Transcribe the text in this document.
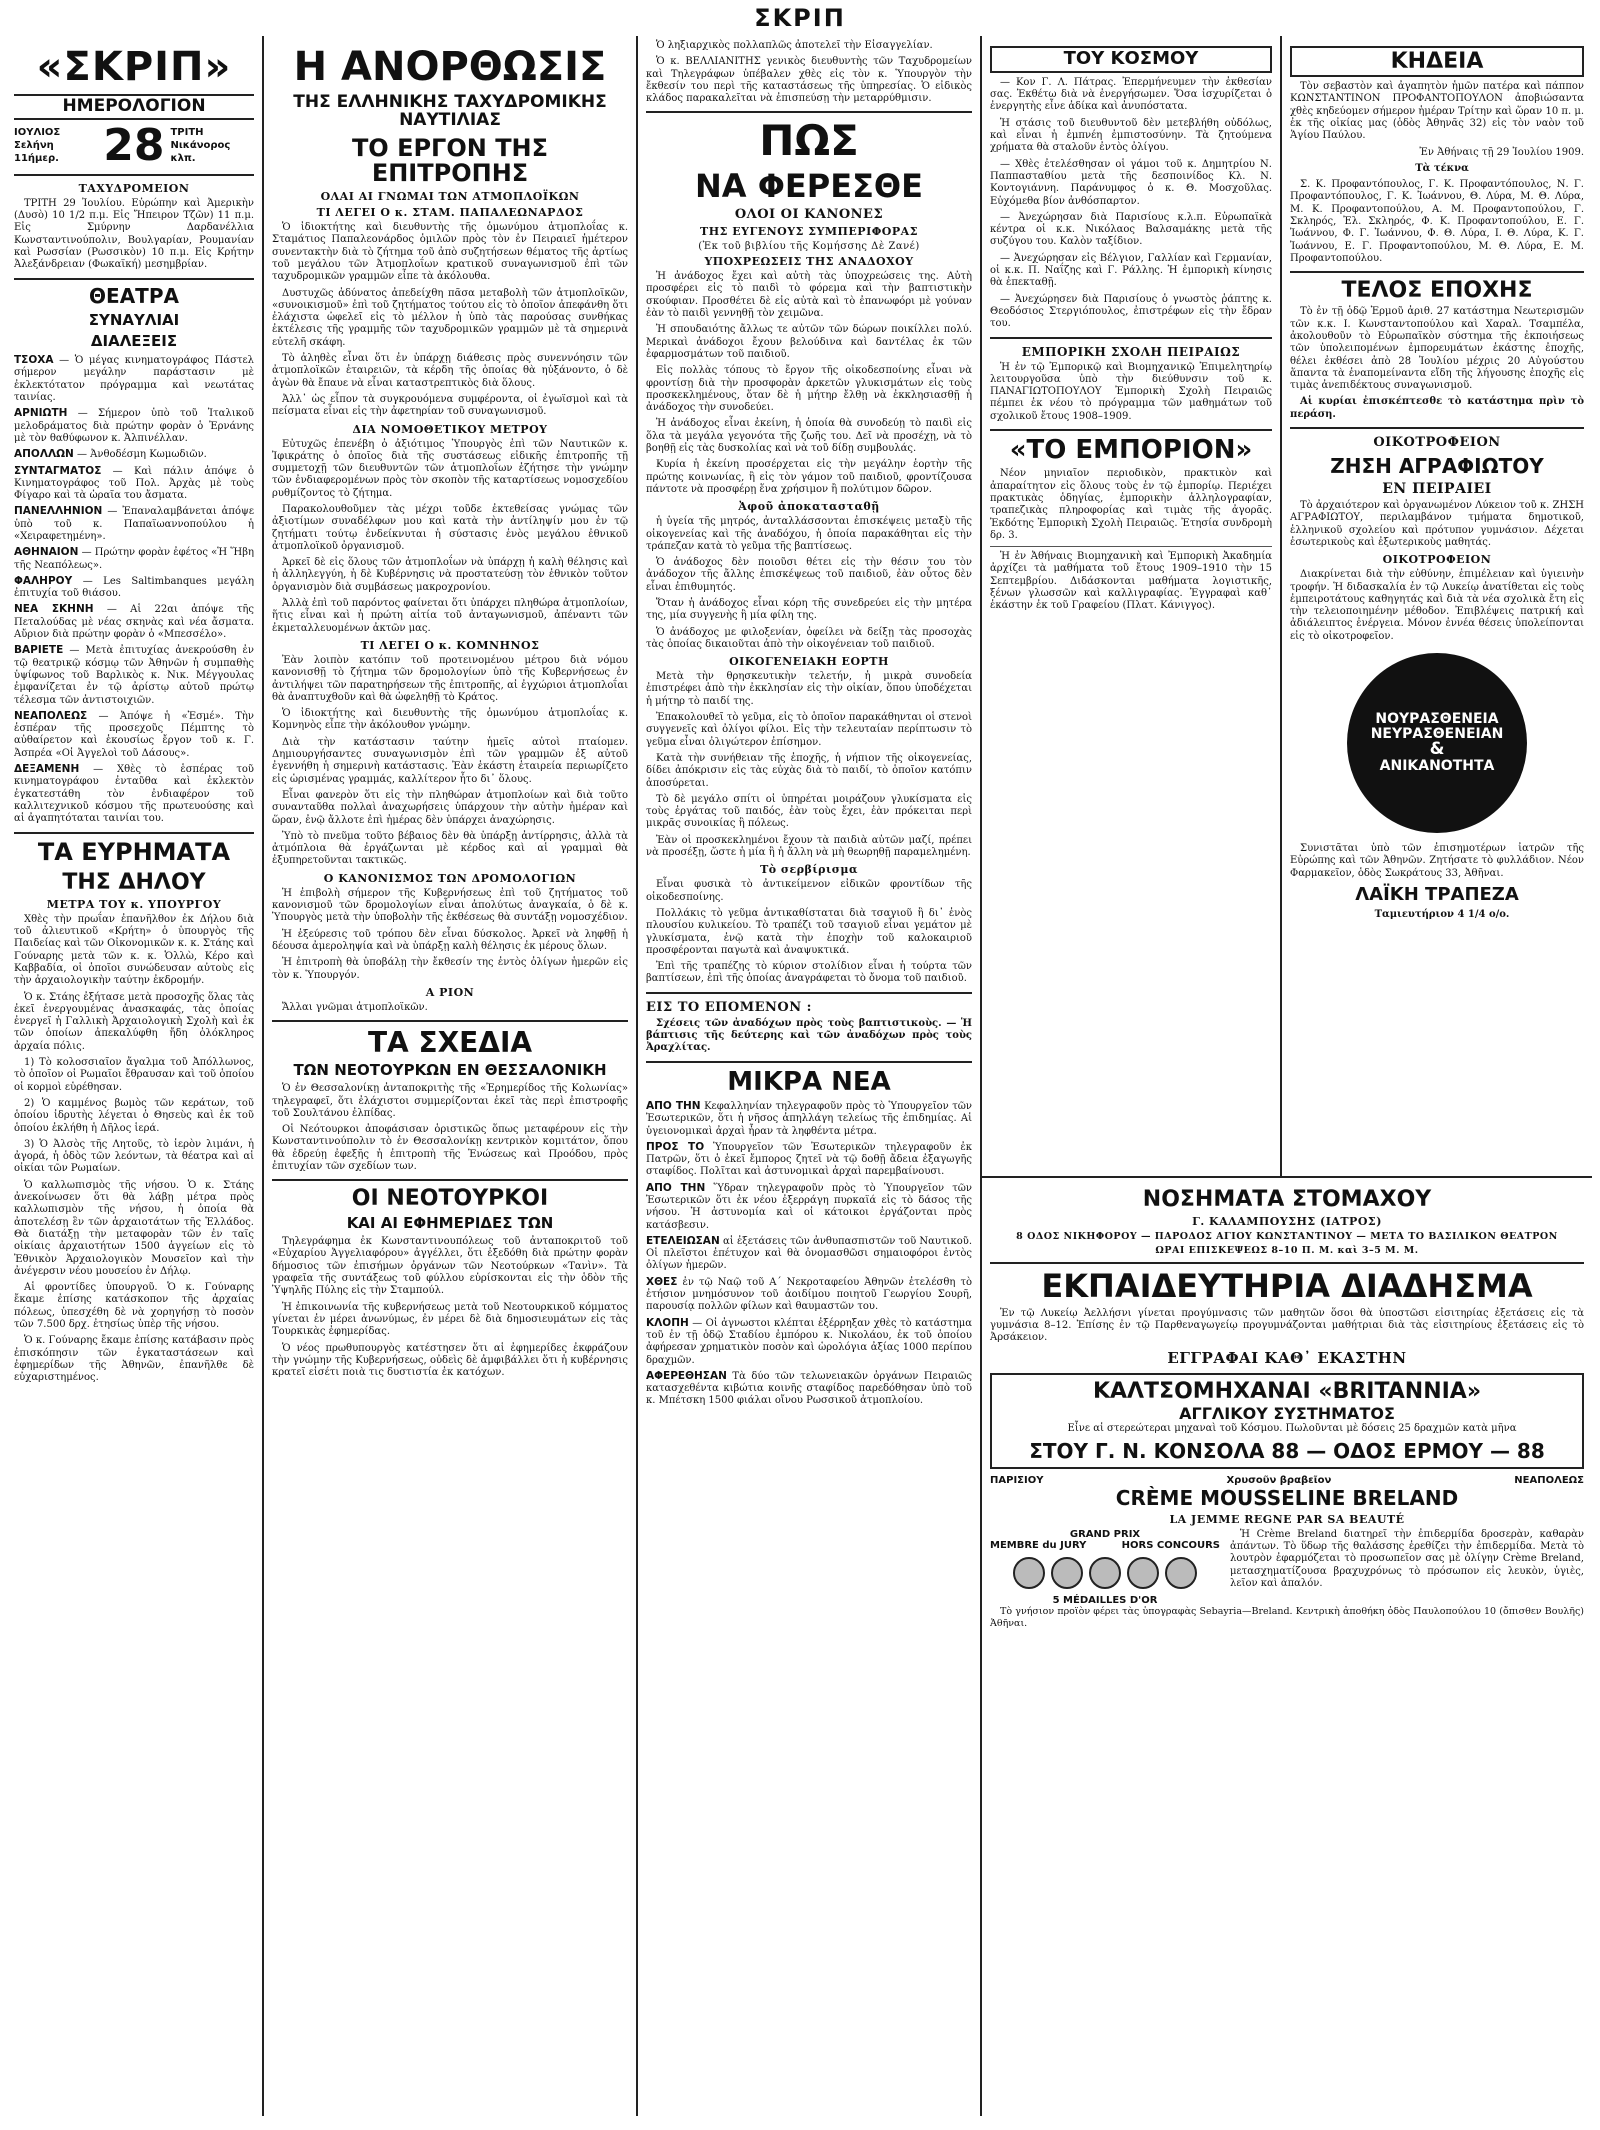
ΣΚΡΙΠ
«ΣΚΡΙΠ»
ΗΜΕΡΟΛΟΓΙΟΝ
ΙΟΥΛΙΟΣ
Σελήνη 11ήμερ.	28 ΤΡΙΤΗ
Νικάνορος κλπ.
ΤΑΧΥΔΡΟΜΕΙΟΝ

ΤΡΙΤΗ 29 Ἰουλίου. Εὐρώπην καὶ Ἀμερικὴν (Δυσὸ) 10 1/2 π.μ. Εἰς Ἤπειρον Τζῶν) 11 π.μ. Εἰς Σμύρνην Δαρδανέλλια Κωνσταντινούπολιν, Βουλγαρίαν, Ρουμανίαν καὶ Ρωσσίαν (Ρωσσικὸν) 10 π.μ. Εἰς Κρήτην Ἀλεξάνδρειαν (Φωκαϊκή) μεσημβρίαν.

ΘΕΑΤΡΑ
ΣΥΝΑΥΛΙΑΙ
ΔΙΑΛΕΞΕΙΣ

ΤΣΟΧΑ — Ὁ μέγας κινηματογράφος Πάστελ σήμερον μεγάλην παράστασιν μὲ ἐκλεκτότατον πρόγραμμα καὶ νεωτάτας ταινίας.

ΑΡΝΙΩΤΗ — Σήμερον ὑπὸ τοῦ Ἰταλικοῦ μελοδράματος διὰ πρώτην φορὰν ὁ Ἐρνάνης μὲ τὸν θαθύφωνον κ. Ἀλπινέλλαν.

ΑΠΟΛΛΩΝ — Ἀνθοδέσμη Κωμωδιῶν.

ΣΥΝΤΑΓΜΑΤΟΣ — Καὶ πάλιν ἀπόψε ὁ Κινηματογράφος τοῦ Πολ. Ἀρχὰς μὲ τοὺς Φίγαρο καὶ τὰ ὡραῖα του ἄσματα.

ΠΑΝΕΛΛΗΝΙΟΝ — Ἐπαναλαμβάνεται ἀπόψε ὑπὸ τοῦ κ. Παπαϊωαννοπούλου ἡ «Χειραφετημένη».

ΑΘΗΝΑΙΟΝ — Πρώτην φορὰν ἐφέτος «Ἡ Ἥβη τῆς Νεαπόλεως».

ΦΑΛΗΡΟΥ — Les Saltimbanques μεγάλη ἐπιτυχία τοῦ θιάσου.

ΝΕΑ ΣΚΗΝΗ — Αἱ 22αι ἀπόψε τῆς Πεταλούδας μὲ νέας σκηνὰς καὶ νέα ἄσματα. Αὔριον διὰ πρώτην φορὰν ὁ «Μπεσσέλο».

ΒΑΡΙΕΤΕ — Μετὰ ἐπιτυχίας ἀνεκρούσθη ἐν τῷ θεατρικῷ κόσμῳ τῶν Ἀθηνῶν ἡ συμπαθὴς ὑψίφωνος τοῦ Βαρλικὸς κ. Νικ. Μέγγουλας ἐμφανίζεται ἐν τῷ ἀρίστῳ αὐτοῦ πρώτῳ τέλεσμα τῶν ἀντιστοιχιῶν.

ΝΕΑΠΟΛΕΩΣ — Ἀπόψε ἡ «Ἐσμέ». Τὴν ἑσπέραν τῆς προσεχοῦς Πέμπτης τὸ αὐθαίρετον καὶ ἑκουσίως ἔργον τοῦ κ. Γ. Ἀσπρέα «Οἱ Ἀγγελοὶ τοῦ Δάσους».

ΔΕΞΑΜΕΝΗ — Χθὲς τὸ ἑσπέρας τοῦ κινηματογράφου ἐνταῦθα καὶ ἐκλεκτὸν ἐγκατεστάθη τὸν ἐνδιαφέρον τοῦ καλλιτεχνικοῦ κόσμου τῆς πρωτευούσης καὶ αἱ ἀγαπητόταται ταινίαι του.

ΤΑ ΕΥΡΗΜΑΤΑ
ΤΗΣ ΔΗΛΟΥ
ΜΕΤΡΑ ΤΟΥ κ. ΥΠΟΥΡΓΟΥ

Χθὲς τὴν πρωΐαν ἐπανῆλθον ἐκ Δήλου διὰ τοῦ ἀλιευτικοῦ «Κρήτη» ὁ ὑπουργὸς τῆς Παιδείας καὶ τῶν Οἰκονομικῶν κ. κ. Στάης καὶ Γούναρης μετὰ τῶν κ. κ. Ὁλλὼ, Κέρο καὶ Καββαδία, οἱ ὁποῖοι συνώδευσαν αὐτοὺς εἰς τὴν ἀρχαιολογικὴν ταύτην ἐκδρομήν.

Ὁ κ. Στάης ἐξήτασε μετὰ προσοχῆς ὅλας τὰς ἐκεῖ ἐνεργουμένας ἀνασκαφάς, τὰς ὁποίας ἐνεργεῖ ἡ Γαλλικὴ Ἀρχαιολογικὴ Σχολὴ καὶ ἐκ τῶν ὁποίων ἀπεκαλύφθη ἤδη ὁλόκληρος ἀρχαία πόλις.

1) Τὸ κολοσσιαῖον ἄγαλμα τοῦ Ἀπόλλωνος, τὸ ὁποῖον οἱ Ρωμαῖοι ἔθραυσαν καὶ τοῦ ὁποίου οἱ κορμοὶ εὑρέθησαν.

2) Ὁ καμμένος βωμὸς τῶν κεράτων, τοῦ ὁποίου ἰδρυτὴς λέγεται ὁ Θησεὺς καὶ ἐκ τοῦ ὁποίου ἐκλήθη ἡ Δῆλος ἱερά.

3) Ὁ Ἀλσὸς τῆς Λητοῦς, τὸ ἱερὸν λιμάνι, ἡ ἀγορά, ἡ ὁδὸς τῶν λεόντων, τὰ θέατρα καὶ αἱ οἰκίαι τῶν Ρωμαίων.

Ὁ καλλωπισμὸς τῆς νήσου. Ὁ κ. Στάης ἀνεκοίνωσεν ὅτι θὰ λάβῃ μέτρα πρὸς καλλωπισμὸν τῆς νήσου, ἡ ὁποία θὰ ἀποτελέσῃ ἓν τῶν ἀρχαιοτάτων τῆς Ἑλλάδος. Θὰ διατάξῃ τὴν μεταφορὰν τῶν ἐν ταῖς οἰκίαις ἀρχαιοτήτων 1500 ἀγγείων εἰς τὸ Ἐθνικὸν Ἀρχαιολογικὸν Μουσεῖον καὶ τὴν ἀνέγερσιν νέου μουσείου ἐν Δήλῳ.

Αἱ φροντίδες ὑπουργοῦ. Ὁ κ. Γούναρης ἔκαμε ἐπίσης κατάσκοπον τῆς ἀρχαίας πόλεως, ὑπεσχέθη δὲ νὰ χορηγήσῃ τὸ ποσὸν τῶν 7.500 δρχ. ἐτησίως ὑπὲρ τῆς νήσου.

Ὁ κ. Γούναρης ἔκαμε ἐπίσης κατάβασιν πρὸς ἐπισκόπησιν τῶν ἐγκαταστάσεων καὶ ἐφημερίδων τῆς Ἀθηνῶν, ἐπανῆλθε δὲ εὐχαριστημένος.

Η ΑΝΟΡΘΩΣΙΣ
ΤΗΣ ΕΛΛΗΝΙΚΗΣ ΤΑΧΥΔΡΟΜΙΚΗΣ ΝΑΥΤΙΛΙΑΣ
ΤΟ ΕΡΓΟΝ ΤΗΣ ΕΠΙΤΡΟΠΗΣ
ΟΛΑΙ ΑΙ ΓΝΩΜΑΙ ΤΩΝ ΑΤΜΟΠΛΟΪΚΩΝ
ΤΙ ΛΕΓΕΙ Ο κ. ΣΤΑΜ. ΠΑΠΑΛΕΩΝΑΡΔΟΣ

Ὁ ἰδιοκτήτης καὶ διευθυντὴς τῆς ὁμωνύμου ἀτμοπλοΐας κ. Σταμάτιος Παπαλεονάρδος ὁμιλῶν πρὸς τὸν ἐν Πειραιεῖ ἡμέτερον συνεντακτὴν διὰ τὸ ζήτημα τοῦ ἀπὸ συζητήσεων θέματος τῆς ἀρτίως τοῦ μεγάλου τῶν Ἀτμοπλοΐων κρατικοῦ συναγωνισμοῦ ἐπὶ τῶν ταχυδρομικῶν γραμμῶν εἶπε τὰ ἀκόλουθα.

Δυστυχῶς ἀδύνατος ἀπεδείχθη πᾶσα μεταβολὴ τῶν ἀτμοπλοϊκῶν, «συνοικισμοῦ» ἐπὶ τοῦ ζητήματος τούτου εἰς τὸ ὁποῖον ἀπεφάνθη ὅτι ἐλάχιστα ὠφελεῖ εἰς τὸ μέλλον ἡ ὑπὸ τὰς παρούσας συνθήκας ἐκτέλεσις τῆς γραμμῆς τῶν ταχυδρομικῶν γραμμῶν μὲ τὰ σημερινὰ εὐτελῆ σκάφη.

Τὸ ἀληθὲς εἶναι ὅτι ἐν ὑπάρχῃ διάθεσις πρὸς συνεννόησιν τῶν ἀτμοπλοϊκῶν ἐταιρειῶν, τὰ κέρδη τῆς ὁποίας θὰ ηὐξάνοντο, ὁ δὲ ἀγὼν θὰ ἔπαυε νὰ εἶναι καταστρεπτικὸς διὰ ὅλους.

Ἀλλ᾽ ὡς εἶπον τὰ συγκρουόμενα συμφέροντα, οἱ ἐγωϊσμοὶ καὶ τὰ πείσματα εἶναι εἰς τὴν ἀφετηρίαν τοῦ συναγωνισμοῦ.

ΔΙΑ ΝΟΜΟΘΕΤΙΚΟΥ ΜΕΤΡΟΥ

Εὐτυχῶς ἐπενέβη ὁ ἀξιότιμος Ὑπουργὸς ἐπὶ τῶν Ναυτικῶν κ. Ἰφικράτης ὁ ὁποῖος διὰ τῆς συστάσεως εἰδικῆς ἐπιτροπῆς τῇ συμμετοχῇ τῶν διευθυντῶν τῶν ἀτμοπλοΐων ἐζήτησε τὴν γνώμην τῶν ἐνδιαφερομένων πρὸς τὸν σκοπὸν τῆς καταρτίσεως νομοσχεδίου ρυθμίζοντος τὸ ζήτημα.

Παρακολουθοῦμεν τὰς μέχρι τοῦδε ἐκτεθείσας γνώμας τῶν ἀξιοτίμων συναδέλφων μου καὶ κατὰ τὴν ἀντίληψίν μου ἐν τῷ ζητήματι τούτῳ ἐνδείκνυται ἡ σύστασις ἑνὸς μεγάλου ἐθνικοῦ ἀτμοπλοϊκοῦ ὀργανισμοῦ.

Ἀρκεῖ δὲ εἰς ὅλους τῶν ἀτμοπλοΐων νὰ ὑπάρχῃ ἡ καλὴ θέλησις καὶ ἡ ἀλληλεγγύη, ἡ δὲ Κυβέρνησις νὰ προστατεύσῃ τὸν ἐθνικὸν τοῦτον ὀργανισμὸν διὰ συμβάσεως μακροχρονίου.

Ἀλλὰ ἐπὶ τοῦ παρόντος φαίνεται ὅτι ὑπάρχει πληθώρα ἀτμοπλοίων, ἥτις εἶναι καὶ ἡ πρώτη αἰτία τοῦ ἀνταγωνισμοῦ, ἀπέναντι τῶν ἐκμεταλλευομένων ἀκτῶν μας.

ΤΙ ΛΕΓΕΙ Ο κ. ΚΟΜΝΗΝΟΣ

Ἐὰν λοιπὸν κατόπιν τοῦ προτεινομένου μέτρου διὰ νόμου κανονισθῇ τὸ ζήτημα τῶν δρομολογίων ὑπὸ τῆς Κυβερνήσεως ἐν ἀντιλήψει τῶν παρατηρήσεων τῆς ἐπιτροπῆς, αἱ ἐγχώριοι ἀτμοπλοΐαι θὰ ἀναπτυχθοῦν καὶ θὰ ὠφεληθῇ τὸ Κράτος.

Ὁ ἰδιοκτήτης καὶ διευθυντὴς τῆς ὁμωνύμου ἀτμοπλοΐας κ. Κομνηνὸς εἶπε τὴν ἀκόλουθον γνώμην.

Διὰ τὴν κατάστασιν ταύτην ἡμεῖς αὐτοὶ πταίομεν. Δημιουργήσαντες συναγωνισμὸν ἐπὶ τῶν γραμμῶν ἐξ αὐτοῦ ἐγεννήθη ἡ σημερινὴ κατάστασις. Ἐὰν ἑκάστη ἑταιρεία περιωρίζετο εἰς ὡρισμένας γραμμάς, καλλίτερον ἦτο δι᾽ ὅλους.

Εἶναι φανερὸν ὅτι εἰς τὴν πληθώραν ἀτμοπλοίων καὶ διὰ τοῦτο συνανταῦθα πολλαὶ ἀναχωρήσεις ὑπάρχουν τὴν αὐτὴν ἡμέραν καὶ ὥραν, ἐνῷ ἄλλοτε ἐπὶ ἡμέρας δὲν ὑπάρχει ἀναχώρησις.

Ὑπὸ τὸ πνεῦμα τοῦτο βέβαιος δὲν θὰ ὑπάρξῃ ἀντίρρησις, ἀλλὰ τὰ ἀτμόπλοια θὰ ἐργάζωνται μὲ κέρδος καὶ αἱ γραμμαὶ θὰ ἐξυπηρετοῦνται τακτικῶς.

Ο ΚΑΝΟΝΙΣΜΟΣ ΤΩΝ ΔΡΟΜΟΛΟΓΙΩΝ

Ἡ ἐπιβολὴ σήμερον τῆς Κυβερνήσεως ἐπὶ τοῦ ζητήματος τοῦ κανονισμοῦ τῶν δρομολογίων εἶναι ἀπολύτως ἀναγκαία, ὁ δὲ κ. Ὑπουργὸς μετὰ τὴν ὑποβολὴν τῆς ἐκθέσεως θὰ συντάξῃ νομοσχέδιον.

Ἡ ἐξεύρεσις τοῦ τρόπου δὲν εἶναι δύσκολος. Ἀρκεῖ νὰ ληφθῇ ἡ δέουσα ἀμεροληψία καὶ νὰ ὑπάρξῃ καλὴ θέλησις ἐκ μέρους ὅλων.

Ἡ ἐπιτροπὴ θὰ ὑποβάλῃ τὴν ἔκθεσίν της ἐντὸς ὀλίγων ἡμερῶν εἰς τὸν κ. Ὑπουργόν.

Α ΡΙΟΝ

Ἄλλαι γνῶμαι ἀτμοπλοϊκῶν.

ΤΑ ΣΧΕΔΙΑ
ΤΩΝ ΝΕΟΤΟΥΡΚΩΝ ΕΝ ΘΕΣΣΑΛΟΝΙΚΗ

Ὁ ἐν Θεσσαλονίκῃ ἀνταποκριτὴς τῆς «Ἐρημερίδος τῆς Κολωνίας» τηλεγραφεῖ, ὅτι ἐλάχιστοι συμμερίζονται ἐκεῖ τὰς περὶ ἐπιστροφῆς τοῦ Σουλτάνου ἐλπίδας.

Οἱ Νεότουρκοι ἀποφάσισαν ὁριστικῶς ὅπως μεταφέρουν εἰς τὴν Κωνσταντινούπολιν τὸ ἐν Θεσσαλονίκῃ κεντρικὸν κομιτάτον, ὅπου θὰ ἐδρεύῃ ἐφεξῆς ἡ ἐπιτροπὴ τῆς Ἑνώσεως καὶ Προόδου, πρὸς ἐπιτυχίαν τῶν σχεδίων των.

ΟΙ ΝΕΟΤΟΥΡΚΟΙ
ΚΑΙ ΑΙ ΕΦΗΜΕΡΙΔΕΣ ΤΩΝ

Τηλεγράφημα ἐκ Κωνσταντινουπόλεως τοῦ ἀνταποκριτοῦ τοῦ «Εὐχαρίου Ἀγγελιαφόρου» ἀγγέλλει, ὅτι ἐξεδόθη διὰ πρώτην φορὰν δήμοσιος τῶν ἐπισήμων ὀργάνων τῶν Νεοτούρκων «Τανὶν». Τὰ γραφεῖα τῆς συντάξεως τοῦ φύλλου εὑρίσκονται εἰς τὴν ὁδὸν τῆς Ὑψηλῆς Πύλης εἰς τὴν Σταμπούλ.

Ἡ ἐπικοινωνία τῆς κυβερνήσεως μετὰ τοῦ Νεοτουρκικοῦ κόμματος γίνεται ἐν μέρει ἀνωνύμως, ἐν μέρει δὲ διὰ δημοσιευμάτων εἰς τὰς Τουρκικὰς ἐφημερίδας.

Ὁ νέος πρωθυπουργὸς κατέστησεν ὅτι αἱ ἐφημερίδες ἐκφράζουν τὴν γνώμην τῆς Κυβερνήσεως, οὐδεὶς δὲ ἀμφιβάλλει ὅτι ἡ κυβέρνησις κρατεῖ εἰσέτι ποιὰ τις δυστιστία ἐκ κατόχων.

Ὁ ληξιαρχικὸς πολλαπλῶς ἀποτελεῖ τὴν Εἰσαγγελίαν.

Ὁ κ. ΒΕΛΛΙΑΝΙΤΗΣ γενικὸς διευθυντὴς τῶν Ταχυδρομείων καὶ Τηλεγράφων ὑπέβαλεν χθὲς εἰς τὸν κ. Ὑπουργὸν τὴν ἔκθεσίν του περὶ τῆς καταστάσεως τῆς ὑπηρεσίας. Ὁ εἰδικὸς κλάδος παρακαλεῖται νὰ ἐπισπεύσῃ τὴν μεταρρύθμισιν.

ΠΩΣ
ΝΑ ΦΕΡΕΣΘΕ
ΟΛΟΙ ΟΙ ΚΑΝΟΝΕΣ
ΤΗΣ ΕΥΓΕΝΟΥΣ ΣΥΜΠΕΡΙΦΟΡΑΣ
(Ἐκ τοῦ βιβλίου τῆς Κομήσσης Δὲ Ζανέ)
ΥΠΟΧΡΕΩΣΕΙΣ ΤΗΣ ΑΝΑΔΟΧΟΥ

Ἡ ἀνάδοχος ἔχει καὶ αὐτὴ τὰς ὑποχρεώσεις της. Αὐτὴ προσφέρει εἰς τὸ παιδὶ τὸ φόρεμα καὶ τὴν βαπτιστικὴν σκούφιαν. Προσθέτει δὲ εἰς αὐτὰ καὶ τὸ ἐπανωφόρι μὲ γούναν ἐὰν τὸ παιδὶ γεννηθῇ τὸν χειμῶνα.

Ἡ σπουδαιότης ἄλλως τε αὐτῶν τῶν δώρων ποικίλλει πολύ. Μερικαὶ ἀνάδοχοι ἔχουν βελούδινα καὶ δαντέλας ἐκ τῶν ἐφαρμοσμάτων τοῦ παιδιοῦ.

Εἰς πολλὰς τόπους τὸ ἔργον τῆς οἰκοδεσποίνης εἶναι νὰ φροντίσῃ διὰ τὴν προσφορὰν ἀρκετῶν γλυκισμάτων εἰς τοὺς προσκεκλημένους, ὅταν δὲ ἡ μήτηρ ἔλθῃ νὰ ἐκκλησιασθῇ ἡ ἀνάδοχος τὴν συνοδεύει.

Ἡ ἀνάδοχος εἶναι ἐκείνη, ἡ ὁποία θὰ συνοδεύῃ τὸ παιδὶ εἰς ὅλα τὰ μεγάλα γεγονότα τῆς ζωῆς του. Δεῖ νὰ προσέχῃ, νὰ τὸ βοηθῇ εἰς τὰς δυσκολίας καὶ νὰ τοῦ δίδῃ συμβουλάς.

Κυρία ἡ ἐκείνη προσέρχεται εἰς τὴν μεγάλην ἑορτὴν τῆς πρώτης κοινωνίας, ἢ εἰς τὸν γάμον τοῦ παιδιοῦ, φροντίζουσα πάντοτε νὰ προσφέρῃ ἕνα χρήσιμον ἢ πολύτιμον δῶρον.

Ἀφοῦ ἀποκατασταθῇ

ἡ ὑγεία τῆς μητρός, ἀνταλλάσσονται ἐπισκέψεις μεταξὺ τῆς οἰκογενείας καὶ τῆς ἀναδόχου, ἡ ὁποία παρακάθηται εἰς τὴν τράπεζαν κατὰ τὸ γεῦμα τῆς βαπτίσεως.

Ὁ ἀνάδοχος δὲν ποιοῦσι θέτει εἰς τὴν θέσιν του τὸν ἀνάδοχον τῆς ἄλλης ἐπισκέψεως τοῦ παιδιοῦ, ἐὰν οὗτος δὲν εἶναι ἐπιθυμητός.

Ὅταν ἡ ἀνάδοχος εἶναι κόρη τῆς συνεδρεύει εἰς τὴν μητέρα της, μία συγγενὴς ἢ μία φίλη της.

Ὁ ἀνάδοχος με φιλοξενίαν, ὀφείλει νὰ δείξῃ τὰς προσοχὰς τὰς ὁποίας δικαιοῦται ἀπὸ τὴν οἰκογένειαν τοῦ παιδιοῦ.

ΟΙΚΟΓΕΝΕΙΑΚΗ ΕΟΡΤΗ

Μετὰ τὴν θρησκευτικὴν τελετήν, ἡ μικρὰ συνοδεία ἐπιστρέφει ἀπὸ τὴν ἐκκλησίαν εἰς τὴν οἰκίαν, ὅπου ὑποδέχεται ἡ μήτηρ τὸ παιδί της.

Ἐπακολουθεῖ τὸ γεῦμα, εἰς τὸ ὁποῖον παρακάθηνται οἱ στενοὶ συγγενεῖς καὶ ὀλίγοι φίλοι. Εἰς τὴν τελευταίαν περίπτωσιν τὸ γεῦμα εἶναι ὀλιγώτερον ἐπίσημον.

Κατὰ τὴν συνήθειαν τῆς ἐποχῆς, ἡ νήπιον τῆς οἰκογενείας, δίδει ἀπόκρισιν εἰς τὰς εὐχὰς διὰ τὸ παιδί, τὸ ὁποῖον κατόπιν ἀποσύρεται.

Τὸ δὲ μεγάλο σπίτι οἱ ὑπηρέται μοιράζουν γλυκίσματα εἰς τοὺς ἐργάτας τοῦ παιδός, ἐὰν τοὺς ἔχει, ἐὰν πρόκειται περὶ μικρᾶς συνοικίας ἢ πόλεως.

Ἐὰν οἱ προσκεκλημένοι ἔχουν τὰ παιδιὰ αὐτῶν μαζί, πρέπει νὰ προσέξῃ, ὥστε ἡ μία ἢ ἡ ἄλλη νὰ μὴ θεωρηθῇ παραμελημένη.

Τὸ σερβίρισμα

Εἶναι φυσικὰ τὸ ἀντικείμενον εἰδικῶν φροντίδων τῆς οἰκοδεσποίνης.

Πολλάκις τὸ γεῦμα ἀντικαθίσταται διὰ τσαγιοῦ ἢ δι᾽ ἑνὸς πλουσίου κυλικείου. Τὸ τραπέζι τοῦ τσαγιοῦ εἶναι γεμάτον μὲ γλυκίσματα, ἐνῷ κατὰ τὴν ἐποχὴν τοῦ καλοκαιριοῦ προσφέρονται παγωτὰ καὶ ἀναψυκτικά.

Ἐπὶ τῆς τραπέζης τὸ κύριον στολίδιον εἶναι ἡ τούρτα τῶν βαπτίσεων, ἐπὶ τῆς ὁποίας ἀναγράφεται τὸ ὄνομα τοῦ παιδιοῦ.

ΕΙΣ ΤΟ ΕΠΟΜΕΝΟΝ :

Σχέσεις τῶν ἀναδόχων πρὸς τοὺς βαπτιστικοὺς. — Ἡ βάπτισις τῆς δεύτερης καὶ τῶν ἀναδόχων πρὸς τοὺς Ἀραχλίτας.

ΜΙΚΡΑ ΝΕΑ

ΑΠΟ ΤΗΝ Κεφαλληνίαν τηλεγραφοῦν πρὸς τὸ Ὑπουργεῖον τῶν Ἐσωτερικῶν, ὅτι ἡ νῆσος ἀπηλλάγη τελείως τῆς ἐπιδημίας. Αἱ ὑγειονομικαὶ ἀρχαὶ ἦραν τὰ ληφθέντα μέτρα.

ΠΡΟΣ ΤΟ Ὑπουργεῖον τῶν Ἐσωτερικῶν τηλεγραφοῦν ἐκ Πατρῶν, ὅτι ὁ ἐκεῖ ἔμπορος ζητεῖ νὰ τῷ δοθῇ ἄδεια ἐξαγωγῆς σταφίδος. Πολῖται καὶ ἀστυνομικαὶ ἀρχαὶ παρεμβαίνουσι.

ΑΠΟ ΤΗΝ Ὕδραν τηλεγραφοῦν πρὸς τὸ Ὑπουργεῖον τῶν Ἐσωτερικῶν ὅτι ἐκ νέου ἐξερράγη πυρκαϊά εἰς τὸ δάσος τῆς νήσου. Ἡ ἀστυνομία καὶ οἱ κάτοικοι ἐργάζονται πρὸς κατάσβεσιν.

ΕΤΕΛΕΙΩΣΑΝ αἱ ἐξετάσεις τῶν ἀνθυπασπιστῶν τοῦ Ναυτικοῦ. Οἱ πλεῖστοι ἐπέτυχον καὶ θὰ ὀνομασθῶσι σημαιοφόροι ἐντὸς ὀλίγων ἡμερῶν.

ΧΘΕΣ ἐν τῷ Ναῷ τοῦ Α΄ Νεκροταφείου Ἀθηνῶν ἐτελέσθη τὸ ἐτήσιον μνημόσυνον τοῦ ἀοιδίμου ποιητοῦ Γεωργίου Σουρῆ, παρουσίᾳ πολλῶν φίλων καὶ θαυμαστῶν του.

ΚΛΟΠΗ — Οἱ ἀγνωστοι κλέπται ἐξέρρηξαν χθὲς τὸ κατάστημα τοῦ ἐν τῇ ὁδῷ Σταδίου ἐμπόρου κ. Νικολάου, ἐκ τοῦ ὁποίου ἀφήρεσαν χρηματικὸν ποσὸν καὶ ὡρολόγια ἀξίας 1000 περίπου δραχμῶν.

ΑΦΕΡΕΘΗΣΑΝ Τὰ δύο τῶν τελωνειακῶν ὀργάνων Πειραιῶς κατασχεθέντα κιβώτια κοινῆς σταφίδος παρεδόθησαν ὑπὸ τοῦ κ. Μπέτσκη 1500 φιάλαι οἴνου Ρωσσικοῦ ἀτμοπλοίου.

ΤΟΥ ΚΟΣΜΟΥ

— Κον Γ. Λ. Πάτρας. Ἐπερμήνευμεν τὴν ἐκθεσίαν σας. Ἐκθέτω διὰ νὰ ἐνεργήσωμεν. Ὅσα ἰσχυρίζεται ὁ ἐνεργητὴς εἶνε ἀδίκα καὶ ἀνυπόστατα.

Ἡ στάσις τοῦ διευθυντοῦ δὲν μετεβλήθη οὐδόλως, καὶ εἶναι ἡ ἐμπνέη ἐμπιστοσύνην. Τὰ ζητούμενα χρήματα θὰ σταλοῦν ἐντὸς ὀλίγου.

— Χθὲς ἐτελέσθησαν οἱ γάμοι τοῦ κ. Δημητρίου Ν. Παππασταθίου μετὰ τῆς δεσποινίδος Κλ. Ν. Κοντογιάννη. Παράνυμφος ὁ κ. Θ. Μοσχοῦλας. Εὐχόμεθα βίον ἀνθόσπαρτον.

— Ἀνεχώρησαν διὰ Παρισίους κ.λ.π. Εὐρωπαϊκὰ κέντρα οἱ κ.κ. Νικόλαος Βαλσαμάκης μετὰ τῆς συζύγου του. Καλὸν ταξίδιον.

— Ἀνεχώρησαν εἰς Βέλγιον, Γαλλίαν καὶ Γερμανίαν, οἱ κ.κ. Π. Ναΐζης καὶ Γ. Ράλλης. Ἡ ἐμπορικὴ κίνησις θὰ ἐπεκταθῇ.

— Ἀνεχώρησεν διὰ Παρισίους ὁ γνωστὸς ῥάπτης κ. Θεοδόσιος Στεργιόπουλος, ἐπιστρέφων εἰς τὴν ἔδραν του.

ΕΜΠΟΡΙΚΗ ΣΧΟΛΗ ΠΕΙΡΑΙΩΣ

Ἡ ἐν τῷ Ἐμπορικῷ καὶ Βιομηχανικῷ Ἐπιμελητηρίῳ λειτουργοῦσα ὑπὸ τὴν διεύθυνσιν τοῦ κ. ΠΑΝΑΓΙΩΤΟΠΟΥΛΟΥ Ἐμπορικὴ Σχολὴ Πειραιῶς πέμπει ἐκ νέου τὸ πρόγραμμα τῶν μαθημάτων τοῦ σχολικοῦ ἔτους 1908–1909.

«ΤΟ ΕΜΠΟΡΙΟΝ»

Νέον μηνιαῖον περιοδικὸν, πρακτικὸν καὶ ἀπαραίτητον εἰς ὅλους τοὺς ἐν τῷ ἐμπορίῳ. Περιέχει πρακτικὰς ὁδηγίας, ἐμπορικὴν ἀλληλογραφίαν, τραπεζικὰς πληροφορίας καὶ τιμὰς τῆς ἀγορᾶς. Ἐκδότης Ἐμπορικὴ Σχολὴ Πειραιῶς. Ἐτησία συνδρομὴ δρ. 3.

Ἡ ἐν Ἀθήναις Βιομηχανικὴ καὶ Ἐμπορικὴ Ἀκαδημία ἀρχίζει τὰ μαθήματα τοῦ ἔτους 1909–1910 τὴν 15 Σεπτεμβρίου. Διδάσκονται μαθήματα λογιστικῆς, ξένων γλωσσῶν καὶ καλλιγραφίας. Ἐγγραφαὶ καθ᾽ ἑκάστην ἐκ τοῦ Γραφείου (Πλατ. Κάνιγγος).

ΚΗΔΕΙΑ

Τὸν σεβαστὸν καὶ ἀγαπητὸν ἡμῶν πατέρα καὶ πάππον ΚΩΝΣΤΑΝΤΙΝΟΝ ΠΡΟΦΑΝΤΟΠΟΥΛΟΝ ἀποβιώσαντα χθὲς κηδεύομεν σήμερον ἡμέραν Τρίτην καὶ ὥραν 10 π. μ. ἐκ τῆς οἰκίας μας (ὁδὸς Ἀθηνᾶς 32) εἰς τὸν ναὸν τοῦ Ἁγίου Παύλου.

Ἐν Ἀθήναις τῇ 29 Ἰουλίου 1909.

Τὰ τέκνα

Σ. Κ. Προφαντόπουλος, Γ. Κ. Προφαντόπουλος, Ν. Γ. Προφαντόπουλος, Γ. Κ. Ἰωάννου, Θ. Λύρα, Μ. Θ. Λύρα, Μ. Κ. Προφαντοπούλου, Α. Μ. Προφαντοπούλου, Γ. Σκληρός, Ἐλ. Σκληρός, Φ. Κ. Προφαντοπούλου, Ε. Γ. Ἰωάννου, Φ. Γ. Ἰωάννου, Φ. Θ. Λύρα, Ι. Θ. Λύρα, Κ. Γ. Ἰωάννου, Ε. Γ. Προφαντοπούλου, Μ. Θ. Λύρα, Ε. Μ. Προφαντοπούλου.

ΤΕΛΟΣ ΕΠΟΧΗΣ

Τὸ ἐν τῇ ὁδῷ Ἑρμοῦ ἀριθ. 27 κατάστημα Νεωτερισμῶν τῶν κ.κ. Ι. Κωνσταντοπούλου καὶ Χαραλ. Τσαμπέλα, ἀκολουθοῦν τὸ Εὐρωπαϊκὸν σύστημα τῆς ἐκποιήσεως τῶν ὑπολειπομένων ἐμπορευμάτων ἑκάστης ἐποχῆς, θέλει ἐκθέσει ἀπὸ 28 Ἰουλίου μέχρις 20 Αὐγούστου ἅπαντα τὰ ἐναπομείναντα εἴδη τῆς λήγουσης ἐποχῆς εἰς τιμὰς ἀνεπιδέκτους συναγωνισμοῦ.

Αἱ κυρίαι ἐπισκέπτεσθε τὸ κατάστημα πρὶν τὸ περάση.

ΟΙΚΟΤΡΟΦΕΙΟΝ
ΖΗΣΗ ΑΓΡΑΦΙΩΤΟΥ
ΕΝ ΠΕΙΡΑΙΕΙ

Τὸ ἀρχαιότερον καὶ ὀργανωμένον Λύκειον τοῦ κ. ΖΗΣΗ ΑΓΡΑΦΙΩΤΟΥ, περιλαμβάνον τμήματα δημοτικοῦ, ἑλληνικοῦ σχολείου καὶ πρότυπον γυμνάσιον. Δέχεται ἐσωτερικοὺς καὶ ἐξωτερικοὺς μαθητάς.

ΟΙΚΟΤΡΟΦΕΙΟΝ

Διακρίνεται διὰ τὴν εὐθύνην, ἐπιμέλειαν καὶ ὑγιεινὴν τροφήν. Ἡ διδασκαλία ἐν τῷ Λυκείῳ ἀνατίθεται εἰς τοὺς ἐμπειροτάτους καθηγητάς καὶ διὰ τὰ νέα σχολικὰ ἔτη εἰς τὴν τελειοποιημένην μέθοδον. Ἐπιβλέψεις πατρική καὶ ἀδιάλειπτος ἐνέργεια. Μόνον ἐννέα θέσεις ὑπολείπονται εἰς τὸ οἰκοτροφεῖον.

ΝΟΥΡΑΣΘΕΝΕΙΑ
ΝΕΥΡΑΣΘΕΝΕΙΑΝ
&
ΑΝΙΚΑΝΟΤΗΤΑ

Συνιστᾶται ὑπὸ τῶν ἐπισημοτέρων ἰατρῶν τῆς Εὐρώπης καὶ τῶν Ἀθηνῶν. Ζητήσατε τὸ φυλλάδιον. Νέον Φαρμακεῖον, ὁδὸς Σωκράτους 33, Ἀθῆναι.

ΛΑΪΚΗ ΤΡΑΠΕΖΑ

Ταμιευτήριον 4 1/4 ο/ο.

ΝΟΣΗΜΑΤΑ ΣΤΟΜΑΧΟΥ
Γ. ΚΑΛΑΜΠΟΥΣΗΣ (ΙΑΤΡΟΣ)
8 ΟΔΟΣ ΝΙΚΗΦΟΡΟΥ — ΠΑΡΟΔΟΣ ΑΓΙΟΥ ΚΩΝΣΤΑΝΤΙΝΟΥ — ΜΕΤΑ ΤΟ ΒΑΣΙΛΙΚΟΝ ΘΕΑΤΡΟΝ
ΩΡΑΙ ΕΠΙΣΚΕΨΕΩΣ 8–10 Π. Μ. καὶ 3–5 Μ. Μ.
ΕΚΠΑΙΔΕΥΤΗΡΙΑ ΔΙΑΔΗΣΜΑ

Ἐν τῷ Λυκείῳ Ἀελλήσνι γίνεται προγύμνασις τῶν μαθητῶν ὅσοι θὰ ὑποστῶσι εἰσιτηρίας ἐξετάσεις εἰς τὰ γυμνάσια 8–12. Ἐπίσης ἐν τῷ Παρθεναγωγείῳ προγυμνάζονται μαθήτριαι διὰ τὰς εἰσιτηρίους ἐξετάσεις εἰς τὸ Ἀρσάκειον.

ΕΓΓΡΑΦΑΙ ΚΑΘ᾽ ΕΚΑΣΤΗΝ
ΚΑΛΤΣΟΜΗΧΑΝΑΙ «BRITANNIA»
ΑΓΓΛΙΚΟΥ ΣΥΣΤΗΜΑΤΟΣ

Εἶνε αἱ στερεώτεραι μηχαναὶ τοῦ Κόσμου. Πωλοῦνται μὲ δόσεις 25 δραχμῶν κατὰ μῆνα

ΣΤΟΥ Γ. Ν. ΚΟΝΣΟΛΑ 88 — ΟΔΟΣ ΕΡΜΟΥ — 88
ΠΑΡΙΣΙΟΥ	Χρυσοῦν βραβεῖον	ΝΕΑΠΟΛΕΩΣ
CRÈME MOUSSELINE BRELAND
LA JEMME REGNE PAR SA BEAUTÉ
GRAND PRIX
MEMBRE du JURY	HORS CONCOURS
5 MÉDAILLES D'OR

Ἡ Crème Breland διατηρεῖ τὴν ἐπιδερμίδα δροσερὰν, καθαρὰν ἀπάντων. Τὸ ὕδωρ τῆς θαλάσσης ἐρεθίζει τὴν ἐπιδερμίδα. Μετὰ τὸ λουτρὸν ἐφαρμόζεται τὸ προσωπεῖον σας μὲ ὀλίγην Crème Breland, μετασχηματίζουσα βραχυχρόνως τὸ πρόσωπον εἰς λευκὸν, ὑγιὲς, λεῖον καὶ ἁπαλόν.

Τὸ γνήσιον προϊὸν φέρει τὰς ὑπογραφὰς Sebayria—Breland. Κεντρικὴ ἀποθήκη ὁδὸς Παυλοπούλου 10 (ὄπισθεν Βουλῆς) Ἀθῆναι.
